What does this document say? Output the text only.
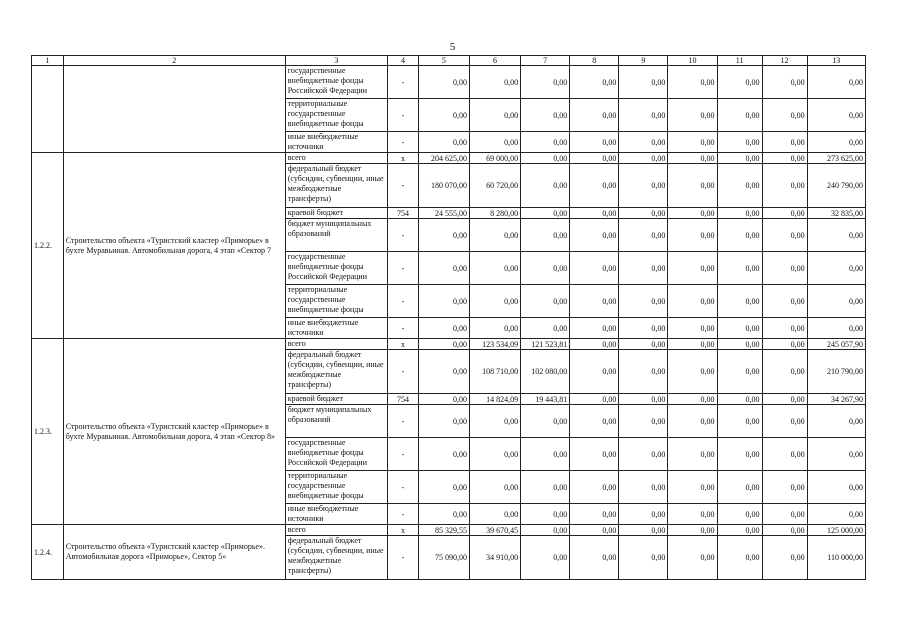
5
1	2	3	4	5	6	7	8	9	10	11	12	13
		государственные внебюджетные фонды Российской Федерации	-	0,00	0,00	0,00	0,00	0,00	0,00	0,00	0,00	0,00
		территориальные государственные внебюджетные фонды	-	0,00	0,00	0,00	0,00	0,00	0,00	0,00	0,00	0,00
		иные внебюджетные источники	-	0,00	0,00	0,00	0,00	0,00	0,00	0,00	0,00	0,00
1.2.2.	Строительство объекта «Туристский кластер «Приморье» в бухте Муравьиная. Автомобильная дорога, 4 этап «Сектор 7	всего	х	204 625,00	69 000,00	0,00	0,00	0,00	0,00	0,00	0,00	273 625,00
		федеральный бюджет (субсидии, субвенции, иные межбюджетные трансферты)	-	180 070,00	60 720,00	0,00	0,00	0,00	0,00	0,00	0,00	240 790,00
		краевой бюджет	754	24 555,00	8 280,00	0,00	0,00	0,00	0,00	0,00	0,00	32 835,00
		бюджет муниципальных образований	-	0,00	0,00	0,00	0,00	0,00	0,00	0,00	0,00	0,00
		государственные внебюджетные фонды Российской Федерации	-	0,00	0,00	0,00	0,00	0,00	0,00	0,00	0,00	0,00
		территориальные государственные внебюджетные фонды	-	0,00	0,00	0,00	0,00	0,00	0,00	0,00	0,00	0,00
		иные внебюджетные источники	-	0,00	0,00	0,00	0,00	0,00	0,00	0,00	0,00	0,00
1.2.3.	Строительство объекта «Туристский кластер «Приморье» в бухте Муравьиная. Автомобильная дорога, 4 этап «Сектор 8»	всего	х	0,00	123 534,09	121 523,81	0,00	0,00	0,00	0,00	0,00	245 057,90
		федеральный бюджет (субсидии, субвенции, иные межбюджетные трансферты)	-	0,00	108 710,00	102 080,00	0,00	0,00	0,00	0,00	0,00	210 790,00
		краевой бюджет	754	0,00	14 824,09	19 443,81	0,00	0,00	0,00	0,00	0,00	34 267,90
		бюджет муниципальных образований	-	0,00	0,00	0,00	0,00	0,00	0,00	0,00	0,00	0,00
		государственные внебюджетные фонды Российской Федерации	-	0,00	0,00	0,00	0,00	0,00	0,00	0,00	0,00	0,00
		территориальные государственные внебюджетные фонды	-	0,00	0,00	0,00	0,00	0,00	0,00	0,00	0,00	0,00
		иные внебюджетные источники	-	0,00	0,00	0,00	0,00	0,00	0,00	0,00	0,00	0,00
1.2.4.	Строительство объекта «Туристский кластер «Приморье». Автомобильная дорога «Приморье», Сектор 5»	всего	х	85 329,55	39 670,45	0,00	0,00	0,00	0,00	0,00	0,00	125 000,00
		федеральный бюджет (субсидии, субвенции, иные межбюджетные трансферты)	-	75 090,00	34 910,00	0,00	0,00	0,00	0,00	0,00	0,00	110 000,00
